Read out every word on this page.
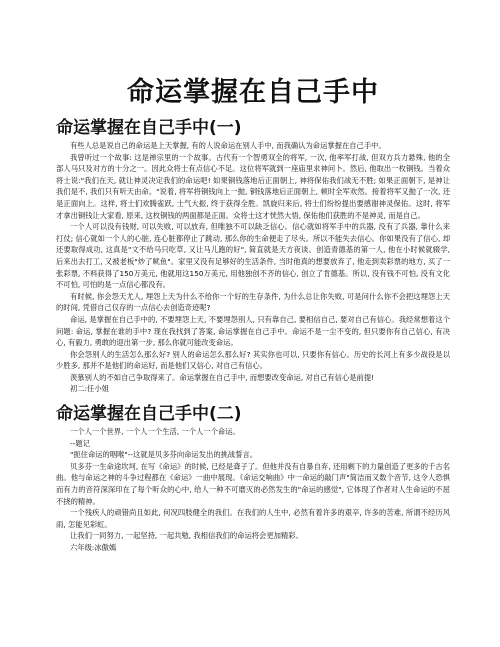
命运掌握在自己手中
命运掌握在自己手中(一)

有些人总是说自己的命运是上天掌握, 有的人说命运在别人手中, 而我确认为命运掌握在自己手中。

我曾听过一个故事: 这是禅宗里的一个故事。古代有一个智勇双全的将军, 一次, 他率军打战, 但双方兵力悬殊, 他的全部人马只及对方的十分之一。因此众将士有点信心不足。这位将军就到一座庙里求神问卜。然后, 他取出一枚铜钱。当着众将士说:"我们在天, 就让神灵决定我们的命运吧! 如果铜钱落地后正面朝上, 神将保佑我们战无不胜; 如果正面朝下, 是神让我们是不, 我们只有听天由命。"说着, 将军将铜钱向上一抛, 铜钱落地后正面朝上, 顿时全军欢然。接着将军又抛了一次, 还是正面向上。这样, 将士们欢腾雀跃, 士气大振, 终于获得全胜。凯旋归来后, 将士们纷纷提出要感谢神灵保佑。这时, 将军才拿出铜钱让大家看, 原来, 这枚铜钱的两面都是正面。众将士这才恍然大悟, 保佑他们获胜的不是神灵, 而是自己。

一个人可以没有钱财, 可以失败, 可以放弃, 但唯独不可以缺乏信心。信心就如将军手中的兵器, 没有了兵器, 靠什么来打仗; 信心就如一个人的心脏, 连心脏都停止了跳动, 那么你的生命便走了尽头。所以不能失去信心。你如果没有了信心, 却还要取得成功, 这真是"文不给马只吃草, 又让马儿跑的好", 简直就是天方夜谈。创造青德基的第一人, 他在小时候就辍学, 后来出去打工, 又被老板"炒了鱿鱼"。家里又没有足够好的生活条件, 当时他真的想要放弃了, 他走到卖彩票的地方, 买了一张彩票, 不料获得了150万美元, 他就用这150万美元, 用他独创不齐的信心, 创立了肯德基。所以, 没有钱不可怕, 没有文化不可怕, 可怕的是一点信心都没有。

有时候, 你会怨天尤人, 埋怨上天为什么不给你一个好的生存条件, 为什么总让你失败, 可是问什么你不会把这埋怨上天的时间, 凭借自己仅存的一点信心去创造奇迹呢?

命运, 是掌握在自己手中的, 不要埋怨上天, 不要埋怨别人, 只有靠自己, 要相信自己, 要对自己有信心。我经常想着这个问题: 命运, 掌握在谁的手中? 现在我找到了答案, 命运掌握在自己手中。命运不是一尘不变的, 但只要你有自己信心, 有决心, 有毅力, 勇敢的迎出第一步, 那么你就可能改变命运。

你会怨别人的生活怎么那么好? 别人的命运怎么那么好? 其实你也可以, 只要你有信心。历史的长河上有多少战役是以少胜多, 那并不是他们的命运好, 而是他们又信心, 对自己有信心。

羡慕别人的不如自己争取得来了。命运掌握在自己手中, 而想要改变命运, 对自己有信心是前提!

初二:任小姐

命运掌握在自己手中(二)

一个人一个世界, 一个人一个生活, 一个人一个命运。

--题记

"扼住命运的咽喉"--这就是贝多芬向命运发出的挑战誓言。

贝多芬一生命途坎坷, 在写《命运》的时候, 已经是聋子了。但他并没有自暴自弃, 还用剩下的力量创造了更多的千古名曲。他与命运之神的斗争过程都在《命运》一曲中展现。《命运交响曲》中一命运的敲门声"简洁而又数个音节, 这令人恐惧而有力的音符深深印在了每个听众的心中, 给人一种不可磨灭的必然发生的"命运的感觉", 它体现了作者对人生命运的不屈不挠的精神。

一个残疾人的顽错尚且如此, 何况四肢健全的我们。在我们的人生中, 必然有着许多的艰辛, 许多的苦难, 所谓不经历风雨, 怎能见彩虹。

让我们一同努力, 一起坚持, 一起共勉, 我相信我们的命运将会更加精彩。

六年级:冰傲嫣
